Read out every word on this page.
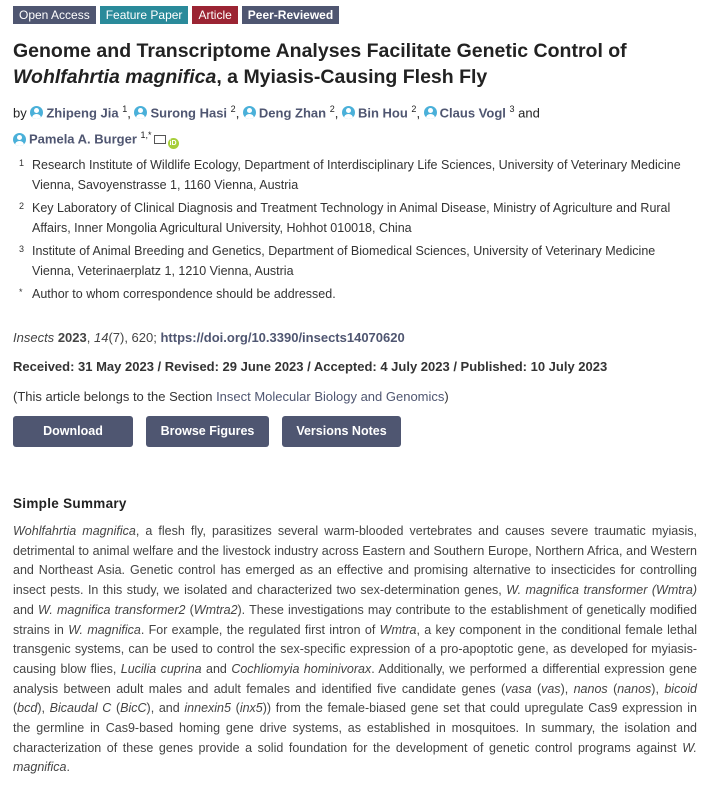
Open Access	Feature Paper	Article	Peer-Reviewed
Genome and Transcriptome Analyses Facilitate Genetic Control of
Wohlfahrtia magnifica, a Myiasis-Causing Flesh Fly
by Zhipeng Jia $^1$, Surong Hasi $^2$, Deng Zhan $^2$, Bin Hou $^2$, Claus Vogl $^3$ and
Pamela A. Burger $^{1,*}$iD
1 Research Institute of Wildlife Ecology, Department of Interdisciplinary Life Sciences, University of Veterinary Medicine Vienna, Savoyenstrasse 1, 1160 Vienna, Austria
2 Key Laboratory of Clinical Diagnosis and Treatment Technology in Animal Disease, Ministry of Agriculture and Rural Affairs, Inner Mongolia Agricultural University, Hohhot 010018, China
3 Institute of Animal Breeding and Genetics, Department of Biomedical Sciences, University of Veterinary Medicine Vienna, Veterinaerplatz 1, 1210 Vienna, Austria
* Author to whom correspondence should be addressed.
Insects 2023, 14(7), 620; https://doi.org/10.3390/insects14070620
Received: 31 May 2023 / Revised: 29 June 2023 / Accepted: 4 July 2023 / Published: 10 July 2023
(This article belongs to the Section Insect Molecular Biology and Genomics)
Download	Browse Figures	Versions Notes
Simple Summary
Wohlfahrtia magnifica, a flesh fly, parasitizes several warm-blooded vertebrates and causes severe traumatic myiasis, detrimental to animal welfare and the livestock industry across Eastern and Southern Europe, Northern Africa, and Western and Northeast Asia. Genetic control has emerged as an effective and promising alternative to insecticides for controlling insect pests. In this study, we isolated and characterized two sex-determination genes, W. magnifica transformer (Wmtra) and W. magnifica transformer2 (Wmtra2). These investigations may contribute to the establishment of genetically modified strains in W. magnifica. For example, the regulated first intron of Wmtra, a key component in the conditional female lethal transgenic systems, can be used to control the sex-specific expression of a pro-apoptotic gene, as developed for myiasis-causing blow flies, Lucilia cuprina and Cochliomyia hominivorax. Additionally, we performed a differential expression gene analysis between adult males and adult females and identified five candidate genes (vasa (vas), nanos (nanos), bicoid (bcd), Bicaudal C (BicC), and innexin5 (inx5)) from the female-biased gene set that could upregulate Cas9 expression in the germline in Cas9-based homing gene drive systems, as established in mosquitoes. In summary, the isolation and characterization of these genes provide a solid foundation for the development of genetic control programs against W. magnifica.
